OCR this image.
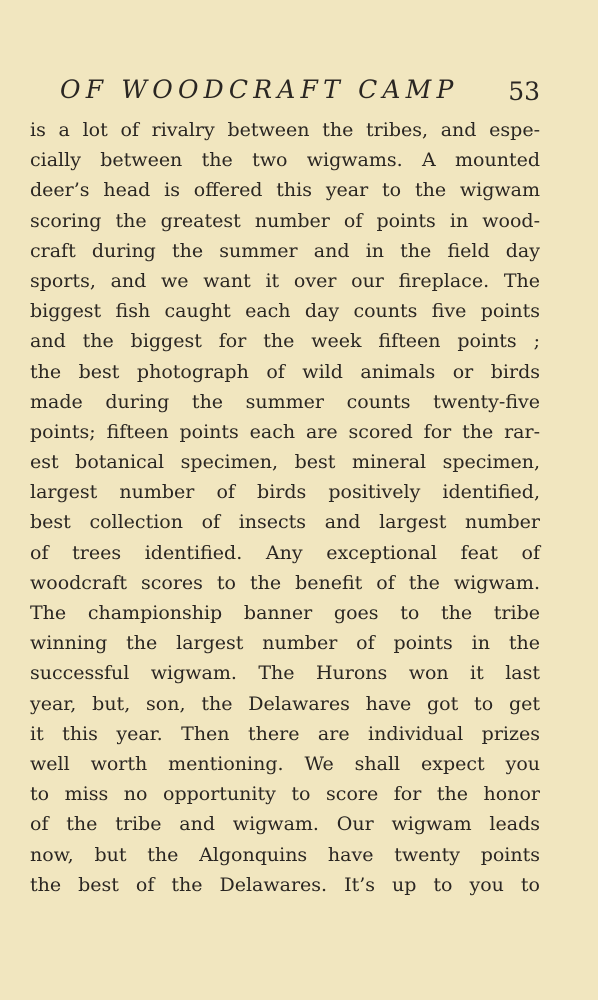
OF WOODCRAFT CAMP 53
is a lot of rivalry between the tribes, and espe-
cially between the two wigwams. A mounted
deer’s head is offered this year to the wigwam
scoring the greatest number of points in wood-
craft during the summer and in the field day
sports, and we want it over our fireplace. The
biggest fish caught each day counts five points
and the biggest for the week fifteen points ;
the best photograph of wild animals or birds
made during the summer counts twenty-five
points; fifteen points each are scored for the rar-
est botanical specimen, best mineral specimen,
largest number of birds positively identified,
best collection of insects and largest number
of trees identified. Any exceptional feat of
woodcraft scores to the benefit of the wigwam.
The championship banner goes to the tribe
winning the largest number of points in the
successful wigwam. The Hurons won it last
year, but, son, the Delawares have got to get
it this year. Then there are individual prizes
well worth mentioning. We shall expect you
to miss no opportunity to score for the honor
of the tribe and wigwam. Our wigwam leads
now, but the Algonquins have twenty points
the best of the Delawares. It’s up to you to
